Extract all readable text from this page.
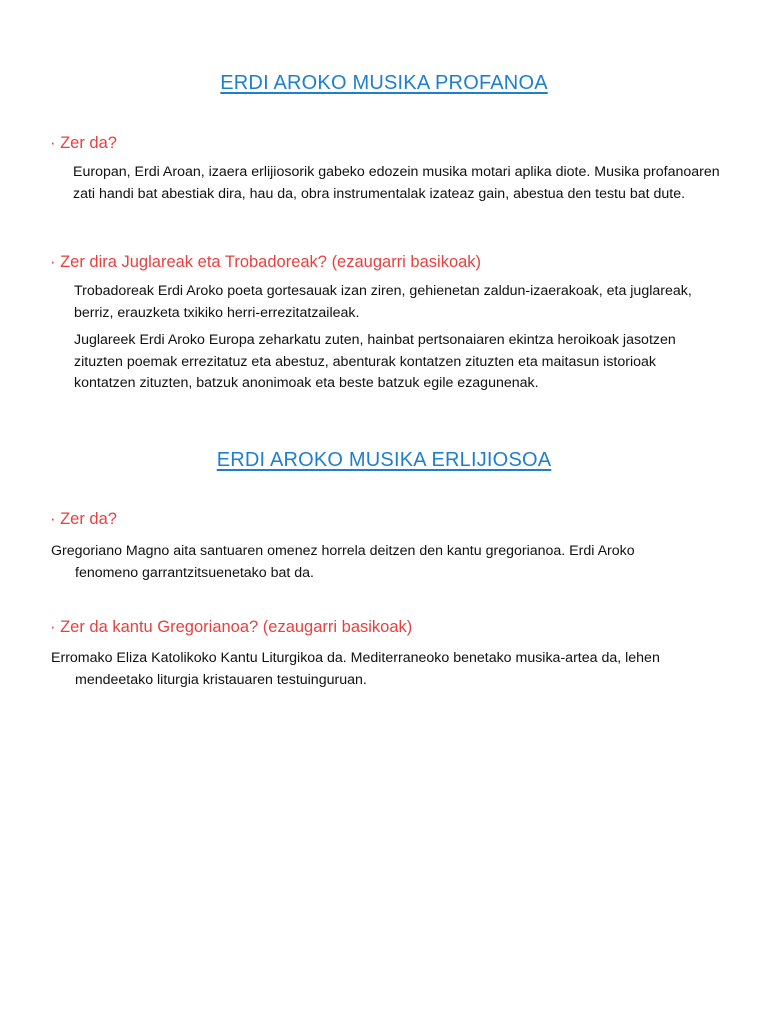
ERDI AROKO MUSIKA PROFANOA
· Zer da?
Europan, Erdi Aroan, izaera erlijiosorik gabeko edozein musika motari aplika diote. Musika profanoaren zati handi bat abestiak dira, hau da, obra instrumentalak izateaz gain, abestua den testu bat dute.
· Zer dira Juglareak eta Trobadoreak? (ezaugarri basikoak)
Trobadoreak Erdi Aroko poeta gortesauak izan ziren, gehienetan zaldun-izaerakoak, eta juglareak, berriz, erauzketa txikiko herri-errezitatzaileak.
Juglareek Erdi Aroko Europa zeharkatu zuten, hainbat pertsonaiaren ekintza heroikoak jasotzen zituzten poemak errezitatuz eta abestuz, abenturak kontatzen zituzten eta maitasun istorioak kontatzen zituzten, batzuk anonimoak eta beste batzuk egile ezagunenak.
ERDI AROKO MUSIKA ERLIJIOSOA
· Zer da?
Gregoriano Magno aita santuaren omenez horrela deitzen den kantu gregorianoa. Erdi Aroko fenomeno garrantzitsuenetako bat da.
· Zer da kantu Gregorianoa? (ezaugarri basikoak)
Erromako Eliza Katolikoko Kantu Liturgikoa da. Mediterraneoko benetako musika-artea da, lehen mendeetako liturgia kristauaren testuinguruan.
